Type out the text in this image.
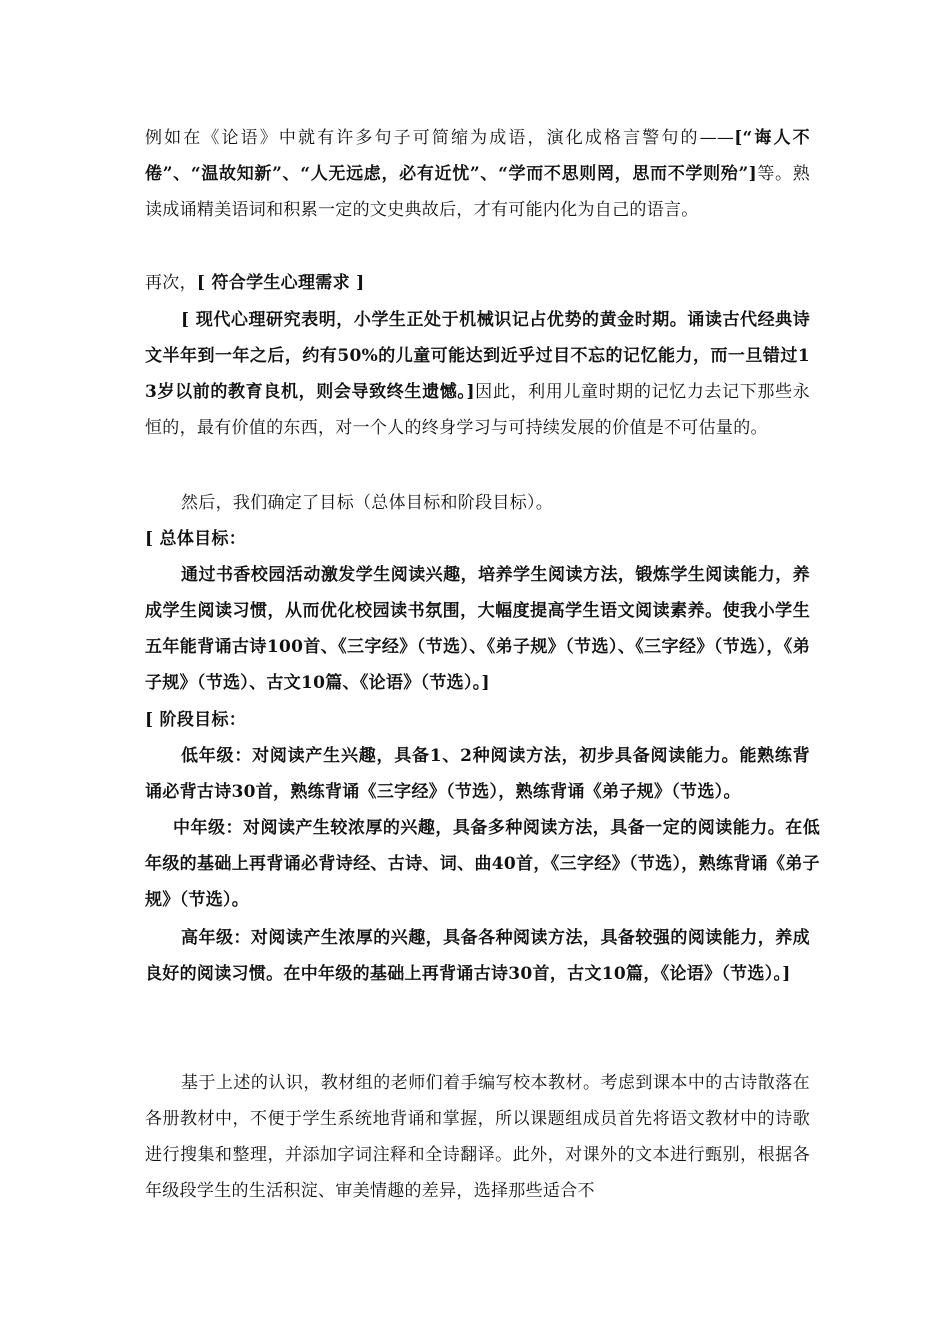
例如在《论语》中就有许多句子可简缩为成语，演化成格言警句的——[“诲人不倦”、“温故知新”、“人无远虑，必有近忧”、“学而不思则罔，思而不学则殆”]等。熟读成诵精美语词和积累一定的文史典故后，才有可能内化为自己的语言。

再次，[ 符合学生心理需求 ]

[ 现代心理研究表明，小学生正处于机械识记占优势的黄金时期。诵读古代经典诗文半年到一年之后，约有50%的儿童可能达到近乎过目不忘的记忆能力，而一旦错过13岁以前的教育良机，则会导致终生遗憾。]因此，利用儿童时期的记忆力去记下那些永恒的，最有价值的东西，对一个人的终身学习与可持续发展的价值是不可估量的。

然后，我们确定了目标（总体目标和阶段目标）。

[ 总体目标：

通过书香校园活动激发学生阅读兴趣，培养学生阅读方法，锻炼学生阅读能力，养成学生阅读习惯，从而优化校园读书氛围，大幅度提高学生语文阅读素养。使我小学生五年能背诵古诗100首、《三字经》（节选）、《弟子规》（节选）、《三字经》（节选），《弟子规》（节选）、古文10篇、《论语》（节选）。]

[ 阶段目标：

低年级：对阅读产生兴趣，具备1、2种阅读方法，初步具备阅读能力。能熟练背诵必背古诗30首，熟练背诵《三字经》（节选），熟练背诵《弟子规》（节选）。

中年级：对阅读产生较浓厚的兴趣，具备多种阅读方法，具备一定的阅读能力。在低年级的基础上再背诵必背诗经、古诗、词、曲40首，《三字经》（节选），熟练背诵《弟子规》（节选）。

高年级：对阅读产生浓厚的兴趣，具备各种阅读方法，具备较强的阅读能力，养成良好的阅读习惯。在中年级的基础上再背诵古诗30首，古文10篇，《论语》（节选）。]

基于上述的认识，教材组的老师们着手编写校本教材。考虑到课本中的古诗散落在各册教材中，不便于学生系统地背诵和掌握，所以课题组成员首先将语文教材中的诗歌进行搜集和整理，并添加字词注释和全诗翻译。此外，对课外的文本进行甄别，根据各年级段学生的生活积淀、审美情趣的差异，选择那些适合不
